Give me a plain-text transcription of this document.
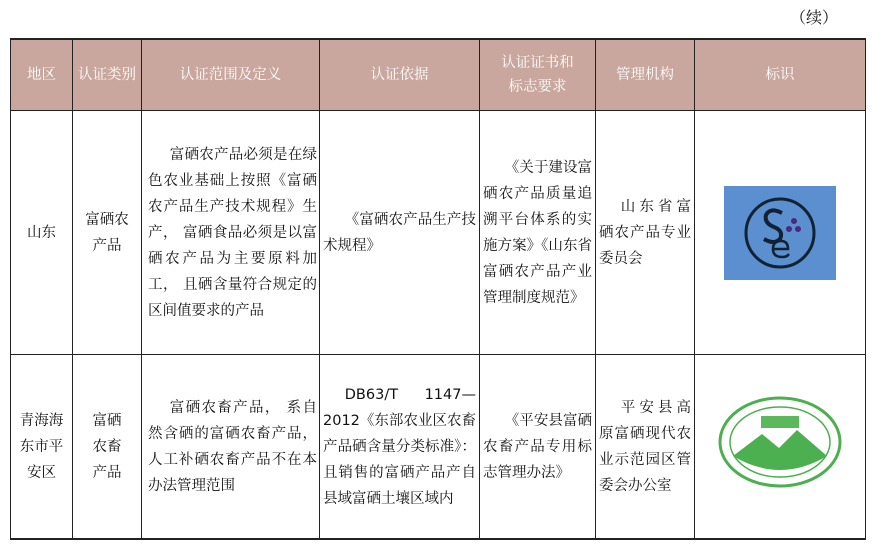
（续）
地区	认证类别	认证范围及定义	认证依据	认证证书和标志要求	管理机构	标识
山东	富硒农产品	富硒农产品必须是在绿色农业基础上按照《富硒农产品生产技术规程》生产， 富硒食品必须是以富硒农产品为主要原料加工， 且硒含量符合规定的区间值要求的产品	《富硒农产品生产技术规程》	《关于建设富硒农产品质量追溯平台体系的实施方案》《山东省富硒农产品产业管理制度规范》	山东省富硒农产品专业委员会	

青海海东市平安区	富硒农畜产品	富硒农畜产品， 系自然含硒的富硒农畜产品， 人工补硒农畜产品不在本办法管理范围	DB63/T 1147—2012《东部农业区农畜产品硒含量分类标准》：且销售的富硒产品产自县域富硒土壤区域内	《平安县富硒农畜产品专用标志管理办法》	平安县高原富硒现代农业示范园区管委会办公室	
